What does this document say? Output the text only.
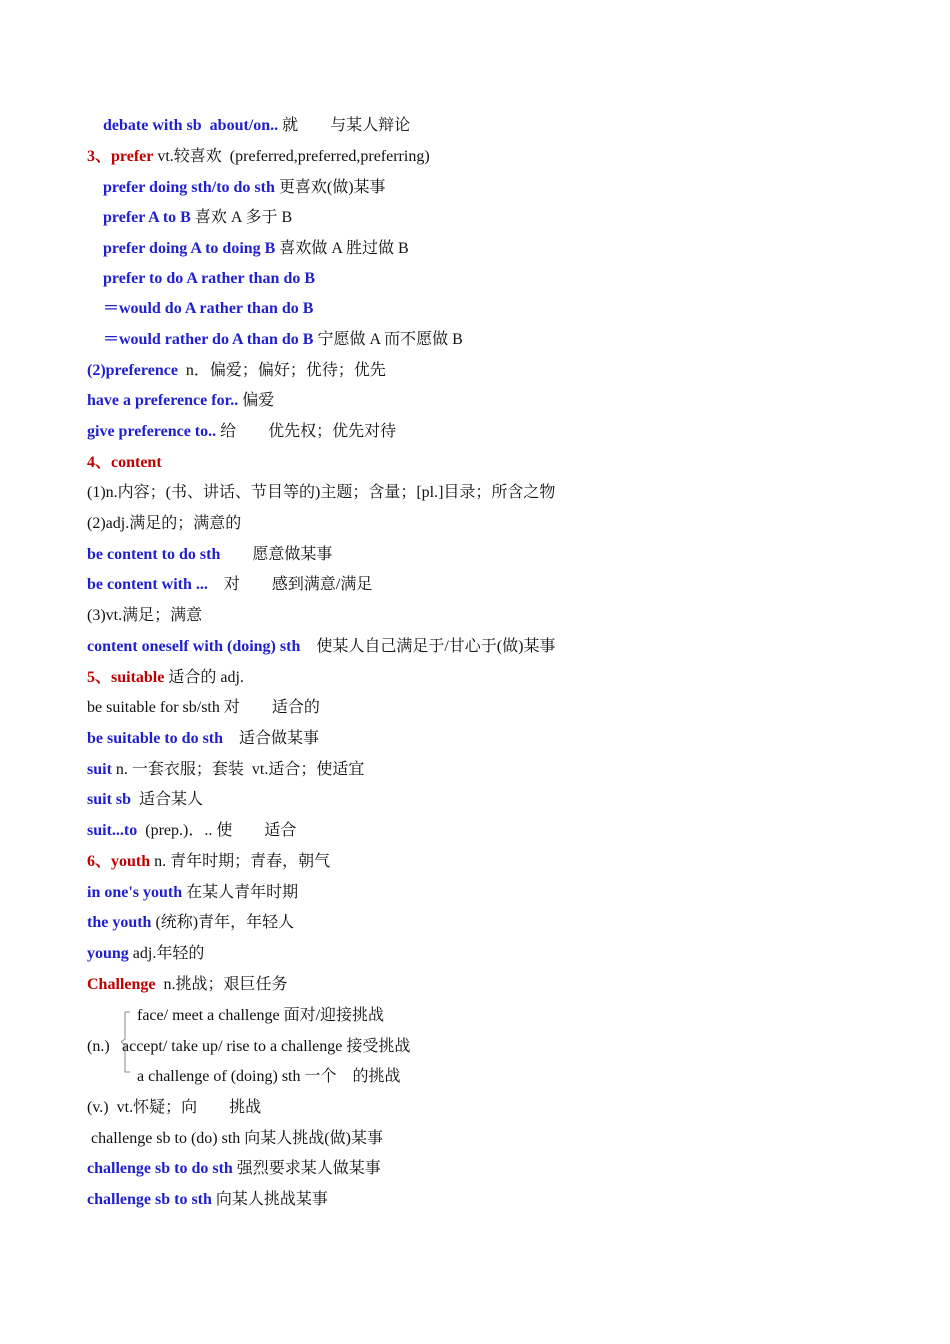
debate with sb  about/on.. 就　　与某人辩论
3、prefer vt.较喜欢  (preferred,preferred,preferring)
prefer doing sth/to do sth 更喜欢(做)某事
prefer A to B 喜欢 A 多于 B
prefer doing A to doing B 喜欢做 A 胜过做 B
prefer to do A rather than do B
＝would do A rather than do B
＝would rather do A than do B 宁愿做 A 而不愿做 B
(2)preference  n．偏爱；偏好；优待；优先
have a preference for.. 偏爱
give preference to.. 给　　优先权；优先对待
4、content
(1)n.内容；(书、讲话、节目等的)主题；含量；[pl.]目录；所含之物
(2)adj.满足的；满意的
be content to do sth　　愿意做某事
be content with ...　对　　感到满意/满足
(3)vt.满足；满意
content oneself with (doing) sth　使某人自己满足于/甘心于(做)某事
5、suitable 适合的 adj.
be suitable for sb/sth 对　　适合的
be suitable to do sth　适合做某事
suit n. 一套衣服；套装  vt.适合；使适宜
suit sb  适合某人
suit...to  (prep.)．.. 使　　适合
6、youth n. 青年时期；青春，朝气
in one's youth 在某人青年时期
the youth (统称)青年，年轻人
young adj.年轻的
Challenge  n.挑战；艰巨任务
face/ meet a challenge 面对/迎接挑战
(n.) accept/ take up/ rise to a challenge 接受挑战
a challenge of (doing) sth 一个　的挑战
(v.)  vt.怀疑；向　　挑战
challenge sb to (do) sth 向某人挑战(做)某事
challenge sb to do sth 强烈要求某人做某事
challenge sb to sth 向某人挑战某事
